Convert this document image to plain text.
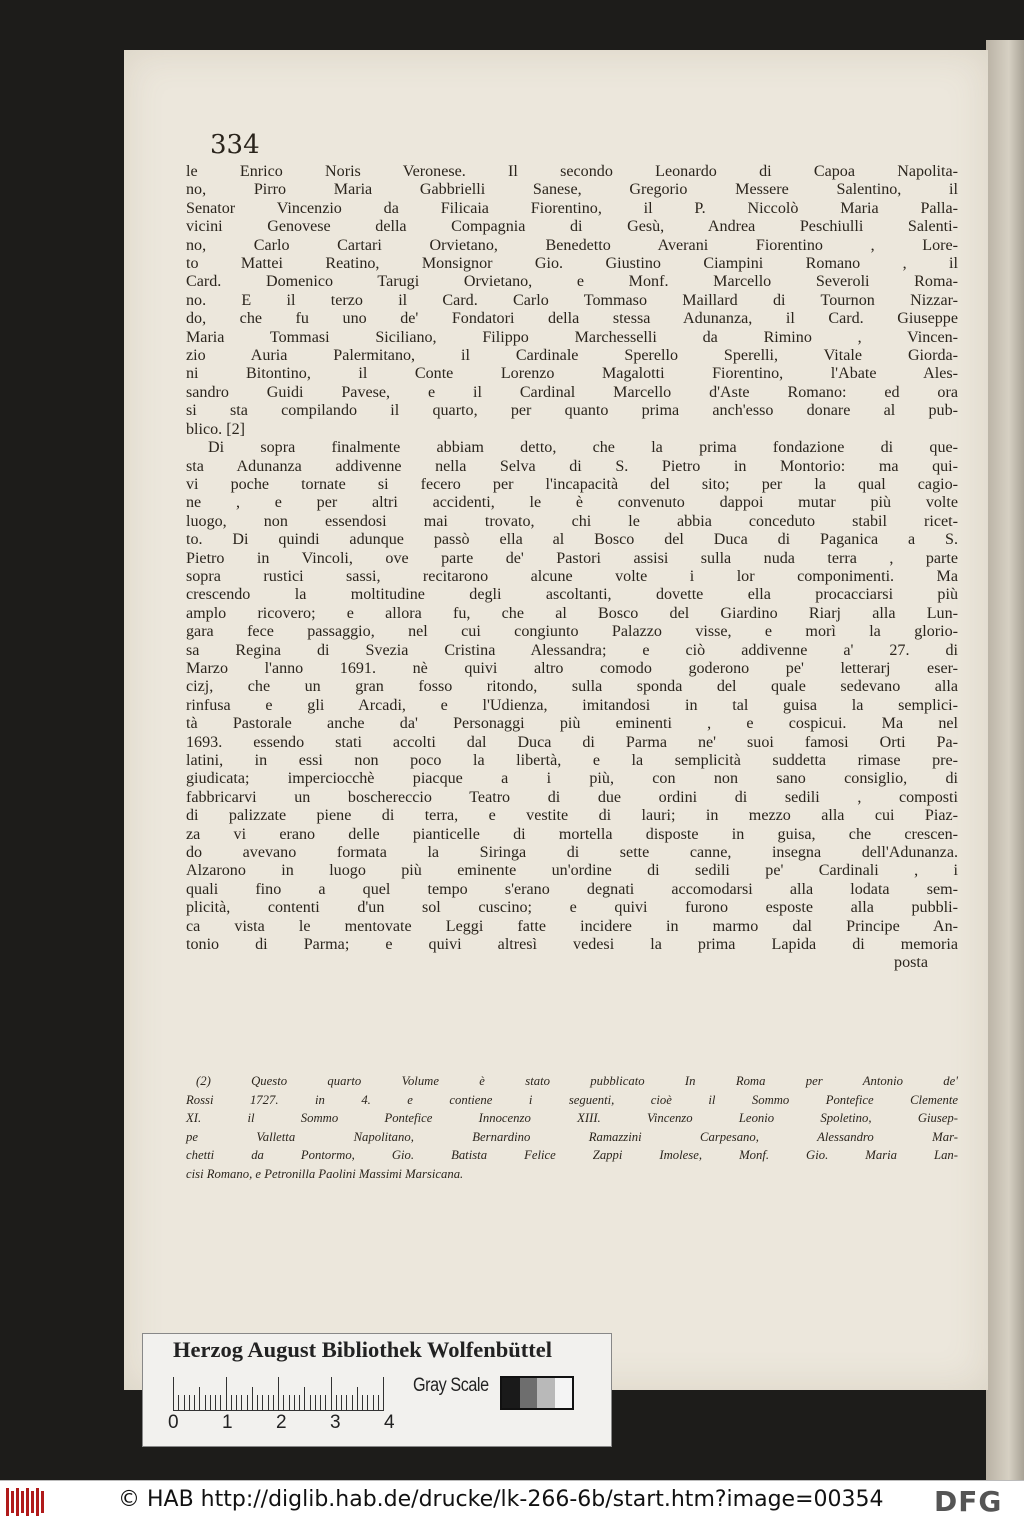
334
le Enrico Noris Veronese. Il secondo Leonardo di Capoa Napolita-
no, Pirro Maria Gabbrielli Sanese, Gregorio Messere Salentino, il
Senator Vincenzio da Filicaia Fiorentino, il P. Niccolò Maria Palla-
vicini Genovese della Compagnia di Gesù, Andrea Peschiulli Salenti-
no, Carlo Cartari Orvietano, Benedetto Averani Fiorentino , Lore-
to Mattei Reatino, Monsignor Gio. Giustino Ciampini Romano , il
Card. Domenico Tarugi Orvietano, e Monf. Marcello Severoli Roma-
no. E il terzo il Card. Carlo Tommaso Maillard di Tournon Nizzar-
do, che fu uno de' Fondatori della stessa Adunanza, il Card. Giuseppe
Maria Tommasi Siciliano, Filippo Marchesselli da Rimino , Vincen-
zio Auria Palermitano, il Cardinale Sperello Sperelli, Vitale Giorda-
ni Bitontino, il Conte Lorenzo Magalotti Fiorentino, l'Abate Ales-
sandro Guidi Pavese, e il Cardinal Marcello d'Aste Romano: ed ora
si sta compilando il quarto, per quanto prima anch'esso donare al pub-
blico. [2]
Di sopra finalmente abbiam detto, che la prima fondazione di que-
sta Adunanza addivenne nella Selva di S. Pietro in Montorio: ma qui-
vi poche tornate si fecero per l'incapacità del sito; per la qual cagio-
ne , e per altri accidenti, le è convenuto dappoi mutar più volte
luogo, non essendosi mai trovato, chi le abbia conceduto stabil ricet-
to. Di quindi adunque passò ella al Bosco del Duca di Paganica a S.
Pietro in Vincoli, ove parte de' Pastori assisi sulla nuda terra , parte
sopra rustici sassi, recitarono alcune volte i lor componimenti. Ma
crescendo la moltitudine degli ascoltanti, dovette ella procacciarsi più
amplo ricovero; e allora fu, che al Bosco del Giardino Riarj alla Lun-
gara fece passaggio, nel cui congiunto Palazzo visse, e morì la glorio-
sa Regina di Svezia Cristina Alessandra; e ciò addivenne a' 27. di
Marzo l'anno 1691. nè quivi altro comodo goderono pe' letterarj eser-
cizj, che un gran fosso ritondo, sulla sponda del quale sedevano alla
rinfusa e gli Arcadi, e l'Udienza, imitandosi in tal guisa la semplici-
tà Pastorale anche da' Personaggi più eminenti , e cospicui. Ma nel
1693. essendo stati accolti dal Duca di Parma ne' suoi famosi Orti Pa-
latini, in essi non poco la libertà, e la semplicità suddetta rimase pre-
giudicata; imperciocchè piacque a i più, con non sano consiglio, di
fabbricarvi un boschereccio Teatro di due ordini di sedili , composti
di palizzate piene di terra, e vestite di lauri; in mezzo alla cui Piaz-
za vi erano delle pianticelle di mortella disposte in guisa, che crescen-
do avevano formata la Siringa di sette canne, insegna dell'Adunanza.
Alzarono in luogo più eminente un'ordine di sedili pe' Cardinali , i
quali fino a quel tempo s'erano degnati accomodarsi alla lodata sem-
plicità, contenti d'un sol cuscino; e quivi furono esposte alla pubbli-
ca vista le mentovate Leggi fatte incidere in marmo dal Principe An-
tonio di Parma; e quivi altresì vedesi la prima Lapida di memoria
posta
(2) Questo quarto Volume è stato pubblicato In Roma per Antonio de'
Rossi 1727. in 4. e contiene i seguenti, cioè il Sommo Pontefice Clemente
XI. il Sommo Pontefice Innocenzo XIII. Vincenzo Leonio Spoletino, Giusep-
pe Valletta Napolitano, Bernardino Ramazzini Carpesano, Alessandro Mar-
chetti da Pontormo, Gio. Batista Felice Zappi Imolese, Monf. Gio. Maria Lan-
cisi Romano, e Petronilla Paolini Massimi Marsicana.
Herzog August Bibliothek Wolfenbüttel
0 1 2 3 4
Gray Scale
© HAB http://diglib.hab.de/drucke/lk-266-6b/start.htm?image=00354 DFG
